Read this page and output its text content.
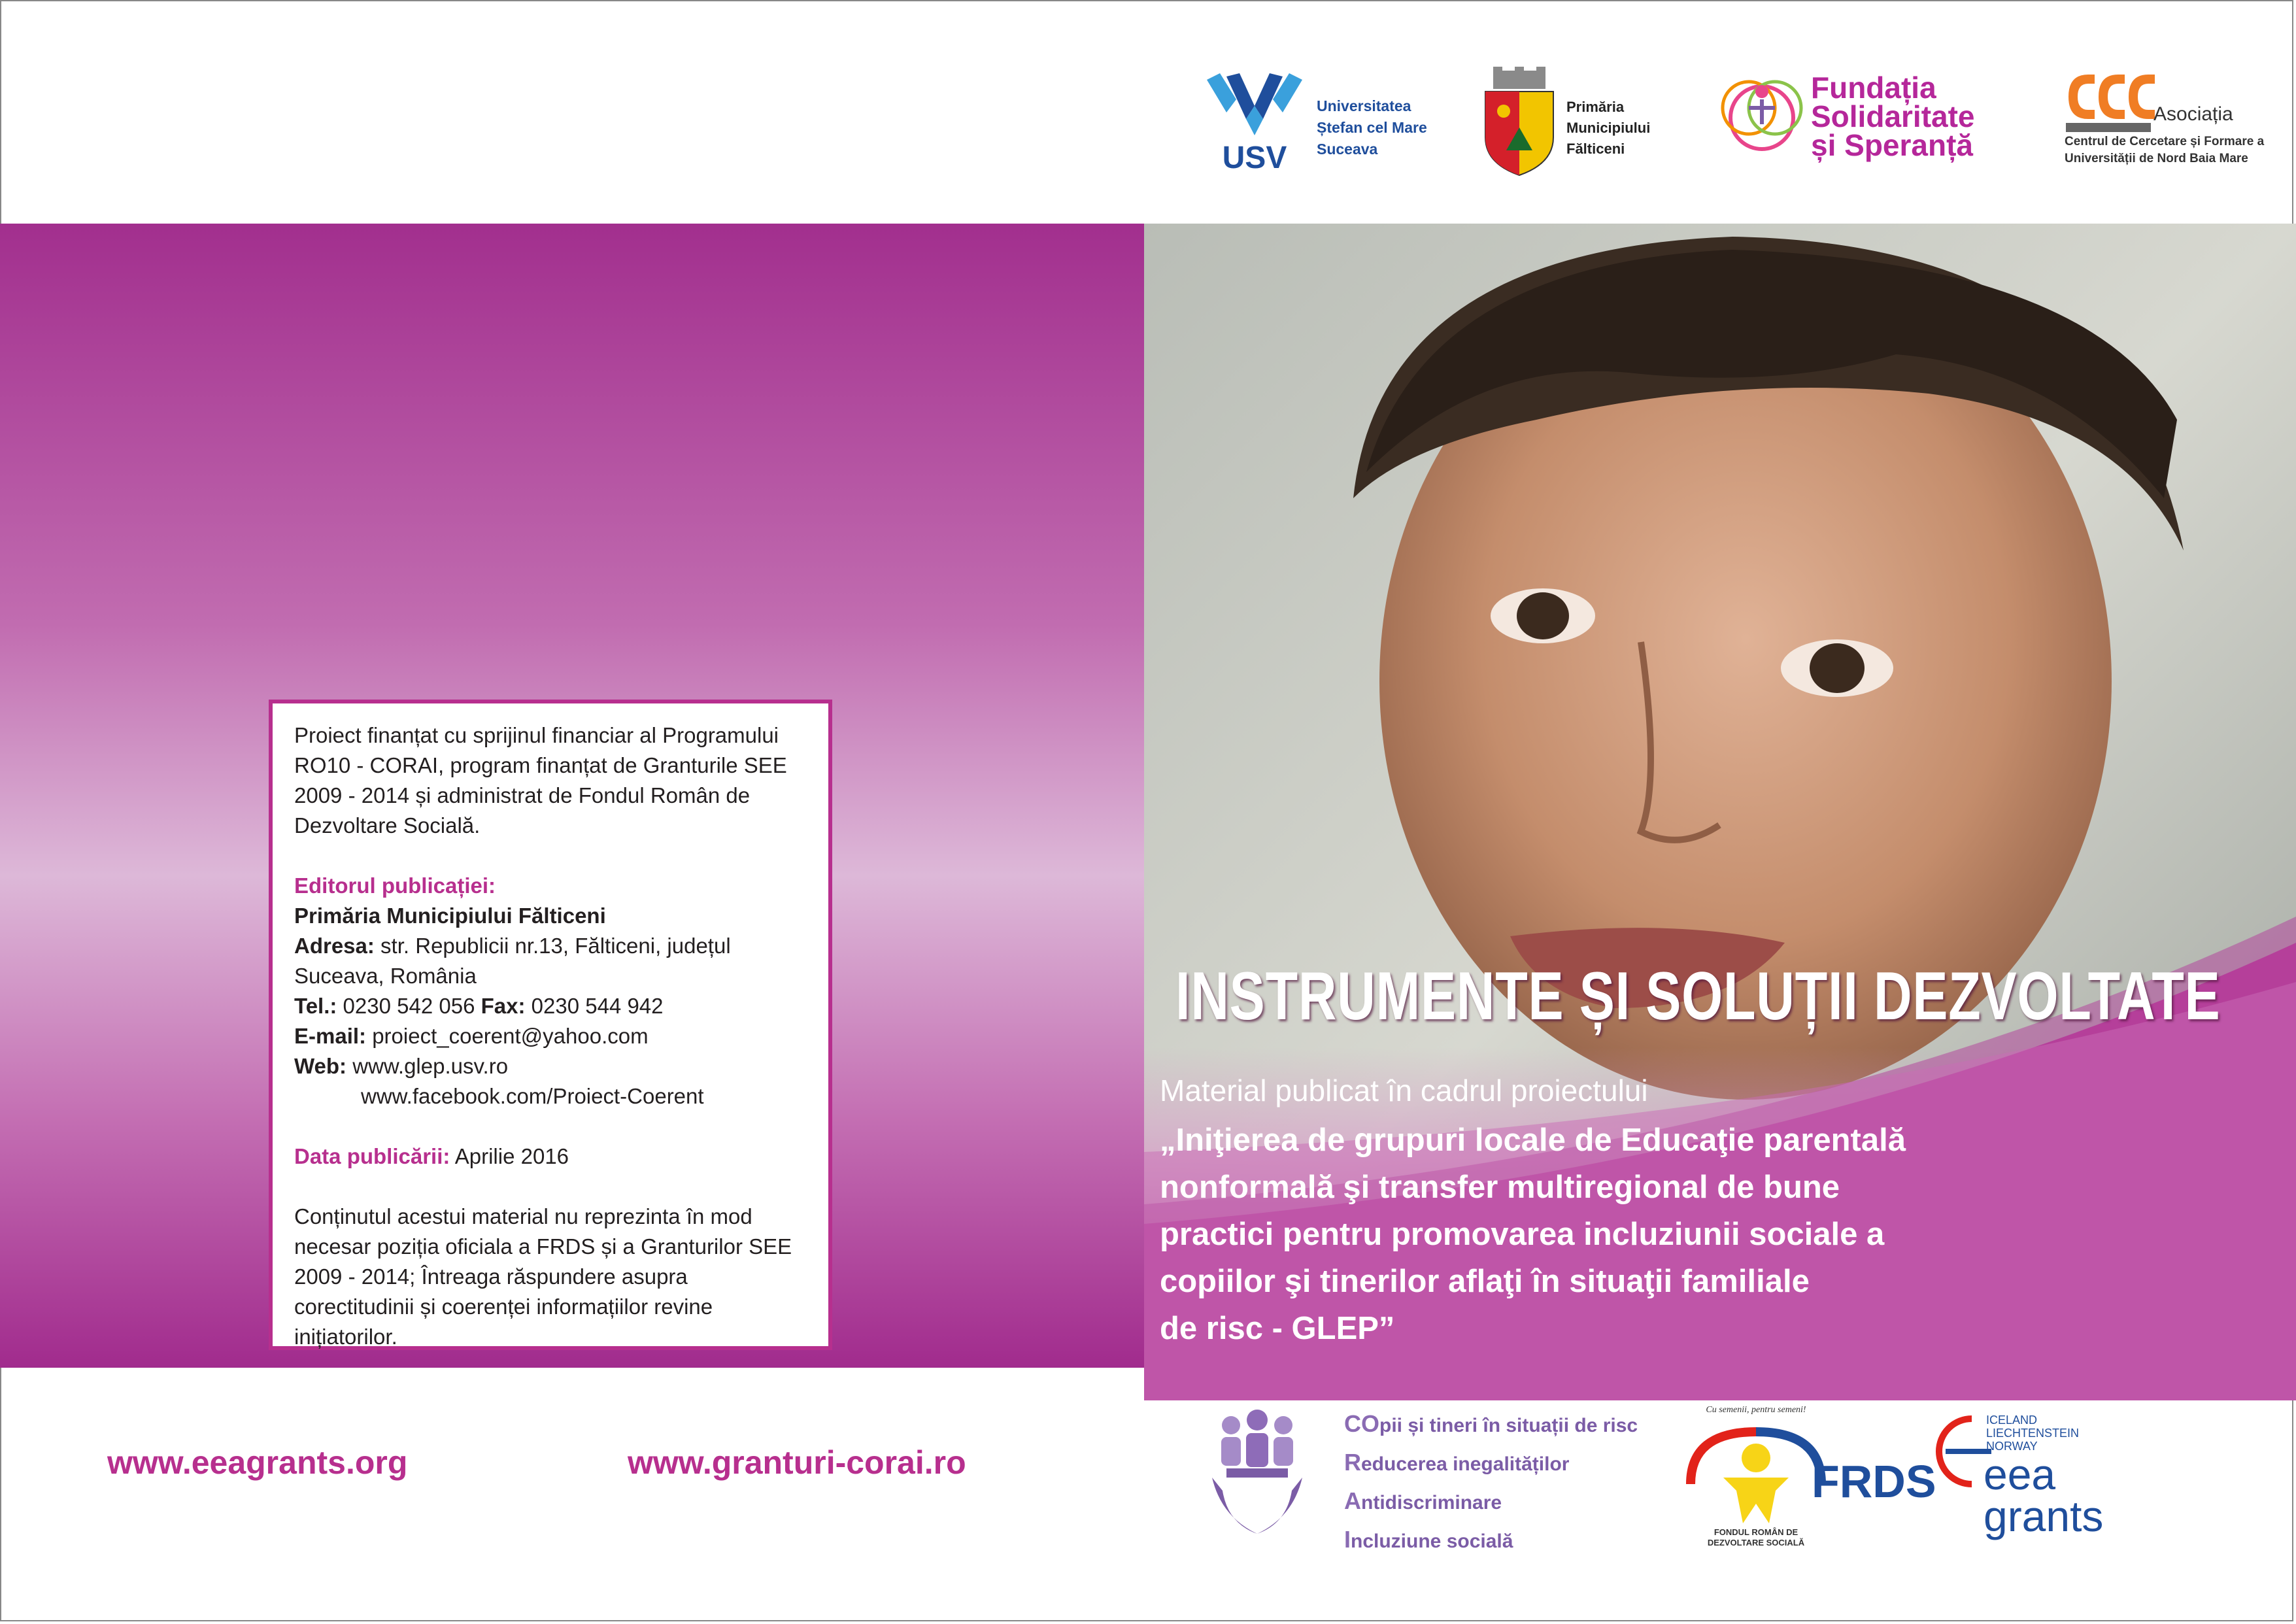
USV
Universitatea
Ștefan cel Mare
Suceava
Primăria
Municipiului
Fălticeni
Fundația
Solidaritate
și Speranță
Asociația
Centrul de Cercetare și Formare a
Universității de Nord Baia Mare

Proiect finanțat cu sprijinul financiar al Programului

RO10 - CORAI, program finanțat de Granturile SEE

2009 - 2014 și administrat de Fondul Român de

Dezvoltare Socială.

Editorul publicației:

Primăria Municipiului Fălticeni

Adresa: str. Republicii nr.13, Fălticeni, județul

Suceava, România

Tel.: 0230 542 056 Fax: 0230 544 942

E-mail: proiect_coerent@yahoo.com

Web: www.glep.usv.ro

www.facebook.com/Proiect-Coerent

Data publicării: Aprilie 2016

Conținutul acestui material nu reprezinta în mod

necesar poziția oficiala a FRDS și a Granturilor SEE

2009 - 2014; Întreaga răspundere asupra

corectitudinii și coerenței informațiilor revine

inițiatorilor.

INSTRUMENTE ȘI SOLUȚII DEZVOLTATE
Material publicat în cadrul proiectului
„Iniţierea de grupuri locale de Educaţie parentală
nonformală şi transfer multiregional de bune
practici pentru promovarea incluziunii sociale a
copiilor şi tinerilor aflaţi în situaţii familiale
de risc - GLEP”
www.eeagrants.org	www.granturi-corai.ro
COpii și tineri în situații de risc
Reducerea inegalităților
Antidiscriminare
Incluziune socială
Cu semenii, pentru semeni!
FRDS
FONDUL ROMÂN DE
DEZVOLTARE SOCIALĂ
ICELAND
LIECHTENSTEIN
NORWAY
eea
grants
